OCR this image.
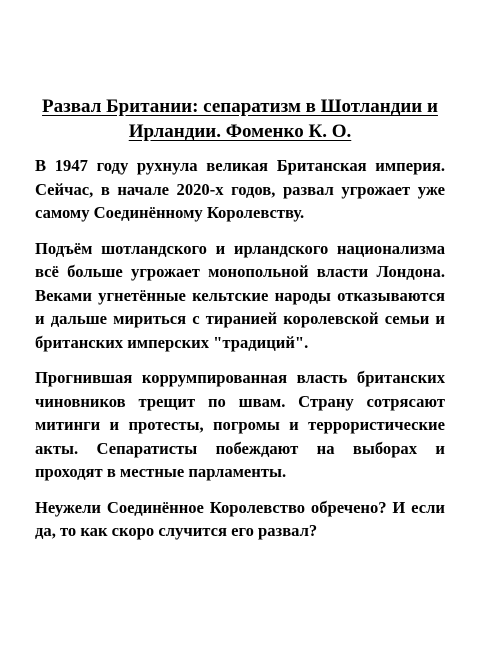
Развал Британии: сепаратизм в Шотландии и Ирландии. Фоменко К. О.

В 1947 году рухнула великая Британская империя. Сейчас, в начале 2020-х годов, развал угрожает уже самому Соединённому Королевству.

Подъём шотландского и ирландского национализма всё больше угрожает монопольной власти Лондона. Веками угнетённые кельтские народы отказываются и дальше мириться с тиранией королевской семьи и британских имперских "традиций".

Прогнившая коррумпированная власть британских чиновников трещит по швам. Страну сотрясают митинги и протесты, погромы и террористические акты. Сепаратисты побеждают на выборах и проходят в местные парламенты.

Неужели Соединённое Королевство обречено? И если да, то как скоро случится его развал?
